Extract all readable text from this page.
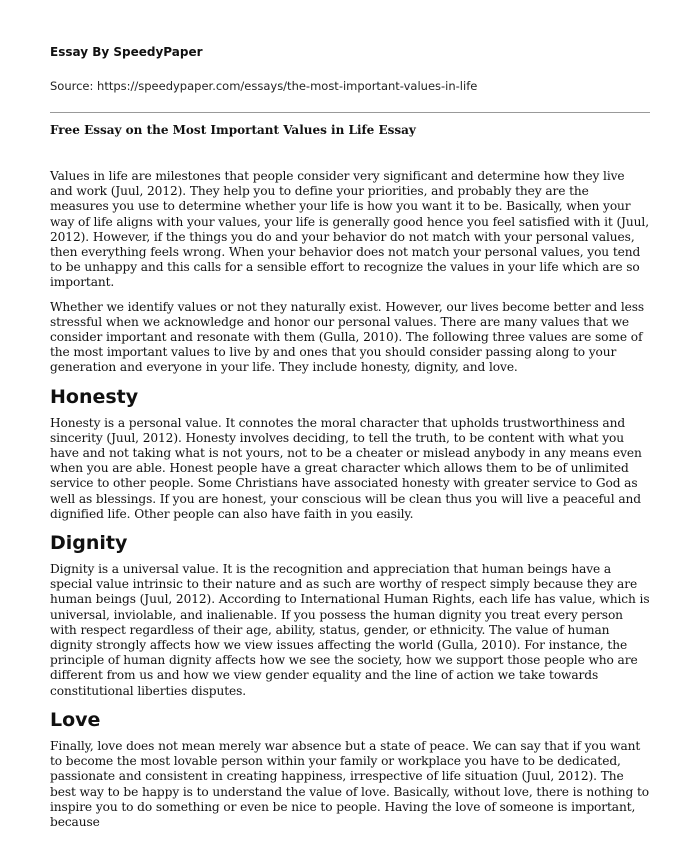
Essay By SpeedyPaper
Source: https://speedypaper.com/essays/the-most-important-values-in-life
Free Essay on the Most Important Values in Life Essay

Values in life are milestones that people consider very significant and determine how they live and work (Juul, 2012). They help you to define your priorities, and probably they are the measures you use to determine whether your life is how you want it to be. Basically, when your way of life aligns with your values, your life is generally good hence you feel satisfied with it (Juul, 2012). However, if the things you do and your behavior do not match with your personal values, then everything feels wrong. When your behavior does not match your personal values, you tend to be unhappy and this calls for a sensible effort to recognize the values in your life which are so important.

Whether we identify values or not they naturally exist. However, our lives become better and less stressful when we acknowledge and honor our personal values. There are many values that we consider important and resonate with them (Gulla, 2010). The following three values are some of the most important values to live by and ones that you should consider passing along to your generation and everyone in your life. They include honesty, dignity, and love.

Honesty

Honesty is a personal value. It connotes the moral character that upholds trustworthiness and sincerity (Juul, 2012). Honesty involves deciding, to tell the truth, to be content with what you have and not taking what is not yours, not to be a cheater or mislead anybody in any means even when you are able. Honest people have a great character which allows them to be of unlimited service to other people. Some Christians have associated honesty with greater service to God as well as blessings. If you are honest, your conscious will be clean thus you will live a peaceful and dignified life. Other people can also have faith in you easily.

Dignity

Dignity is a universal value. It is the recognition and appreciation that human beings have a special value intrinsic to their nature and as such are worthy of respect simply because they are human beings (Juul, 2012). According to International Human Rights, each life has value, which is universal, inviolable, and inalienable. If you possess the human dignity you treat every person with respect regardless of their age, ability, status, gender, or ethnicity. The value of human dignity strongly affects how we view issues affecting the world (Gulla, 2010). For instance, the principle of human dignity affects how we see the society, how we support those people who are different from us and how we view gender equality and the line of action we take towards constitutional liberties disputes.

Love

Finally, love does not mean merely war absence but a state of peace. We can say that if you want to become the most lovable person within your family or workplace you have to be dedicated, passionate and consistent in creating happiness, irrespective of life situation (Juul, 2012). The best way to be happy is to understand the value of love. Basically, without love, there is nothing to inspire you to do something or even be nice to people. Having the love of someone is important, because
